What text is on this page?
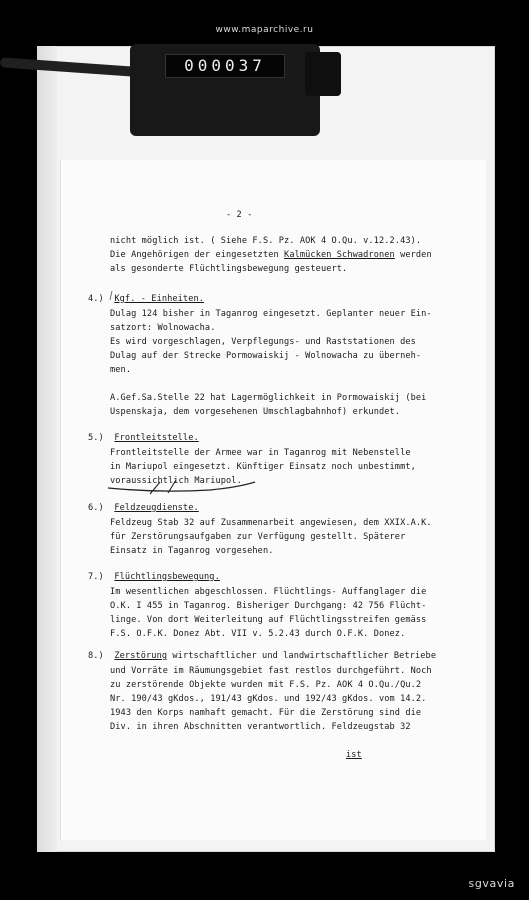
www.maparchive.ru
000037
- 2 -
nicht möglich ist. ( Siehe F.S. Pz. AOK 4 O.Qu. v.12.2.43).
Die Angehörigen der eingesetzten Kalmücken Schwadronen werden
als gesonderte Flüchtlingsbewegung gesteuert.
4.)  Kgf. - Einheiten.
Dulag 124 bisher in Taganrog eingesetzt. Geplanter neuer Ein-
satzort: Wolnowacha.
Es wird vorgeschlagen, Verpflegungs- und Raststationen des
Dulag auf der Strecke Pormowaiskij - Wolnowacha zu übernеh-
men.
A.Gef.Sa.Stelle 22 hat Lagermöglichkeit in Pormowaiskij (bei
Uspenskaja, dem vorgesehenen Umschlagbahnhof) erkundet.
5.)  Frontleitstelle.
Frontleitstelle der Armee war in Taganrog mit Nebenstelle
in Mariupol eingesetzt. Künftiger Einsatz noch unbestimmt,
voraussichtlich Mariupol.
6.)  Feldzeugdienste.
Feldzeug Stab 32 auf Zusammenarbeit angewiesen, dem XXIX.A.K.
für Zerstörungsaufgaben zur Verfügung gestellt. Späterer
Einsatz in Taganrog vorgesehen.
7.)  Flüchtlingsbewegung.
Im wesentlichen abgeschlossen. Flüchtlings- Auffanglager die
O.K. I 455 in Taganrog. Bisheriger Durchgang: 42 756 Flücht-
linge. Von dort Weiterleitung auf Flüchtlingsstreifen gemäss
F.S. O.F.K. Donez Abt. VII v. 5.2.43 durch O.F.K. Donez.
8.)  Zerstörung wirtschaftlicher und landwirtschaftlicher Betriebe
und Vorräte im Räumungsgebiet fast restlos durchgeführt. Noch
zu zerstörende Objekte wurden mit F.S. Pz. AOK 4 O.Qu./Qu.2
Nr. 190/43 gKdos., 191/43 gKdos. und 192/43 gKdos. vom 14.2.
1943 den Korps namhaft gemacht. Für die Zerstörung sind die
Div. in ihren Abschnitten verantwortlich. Feldzeugstab 32
ist
sgvavia
